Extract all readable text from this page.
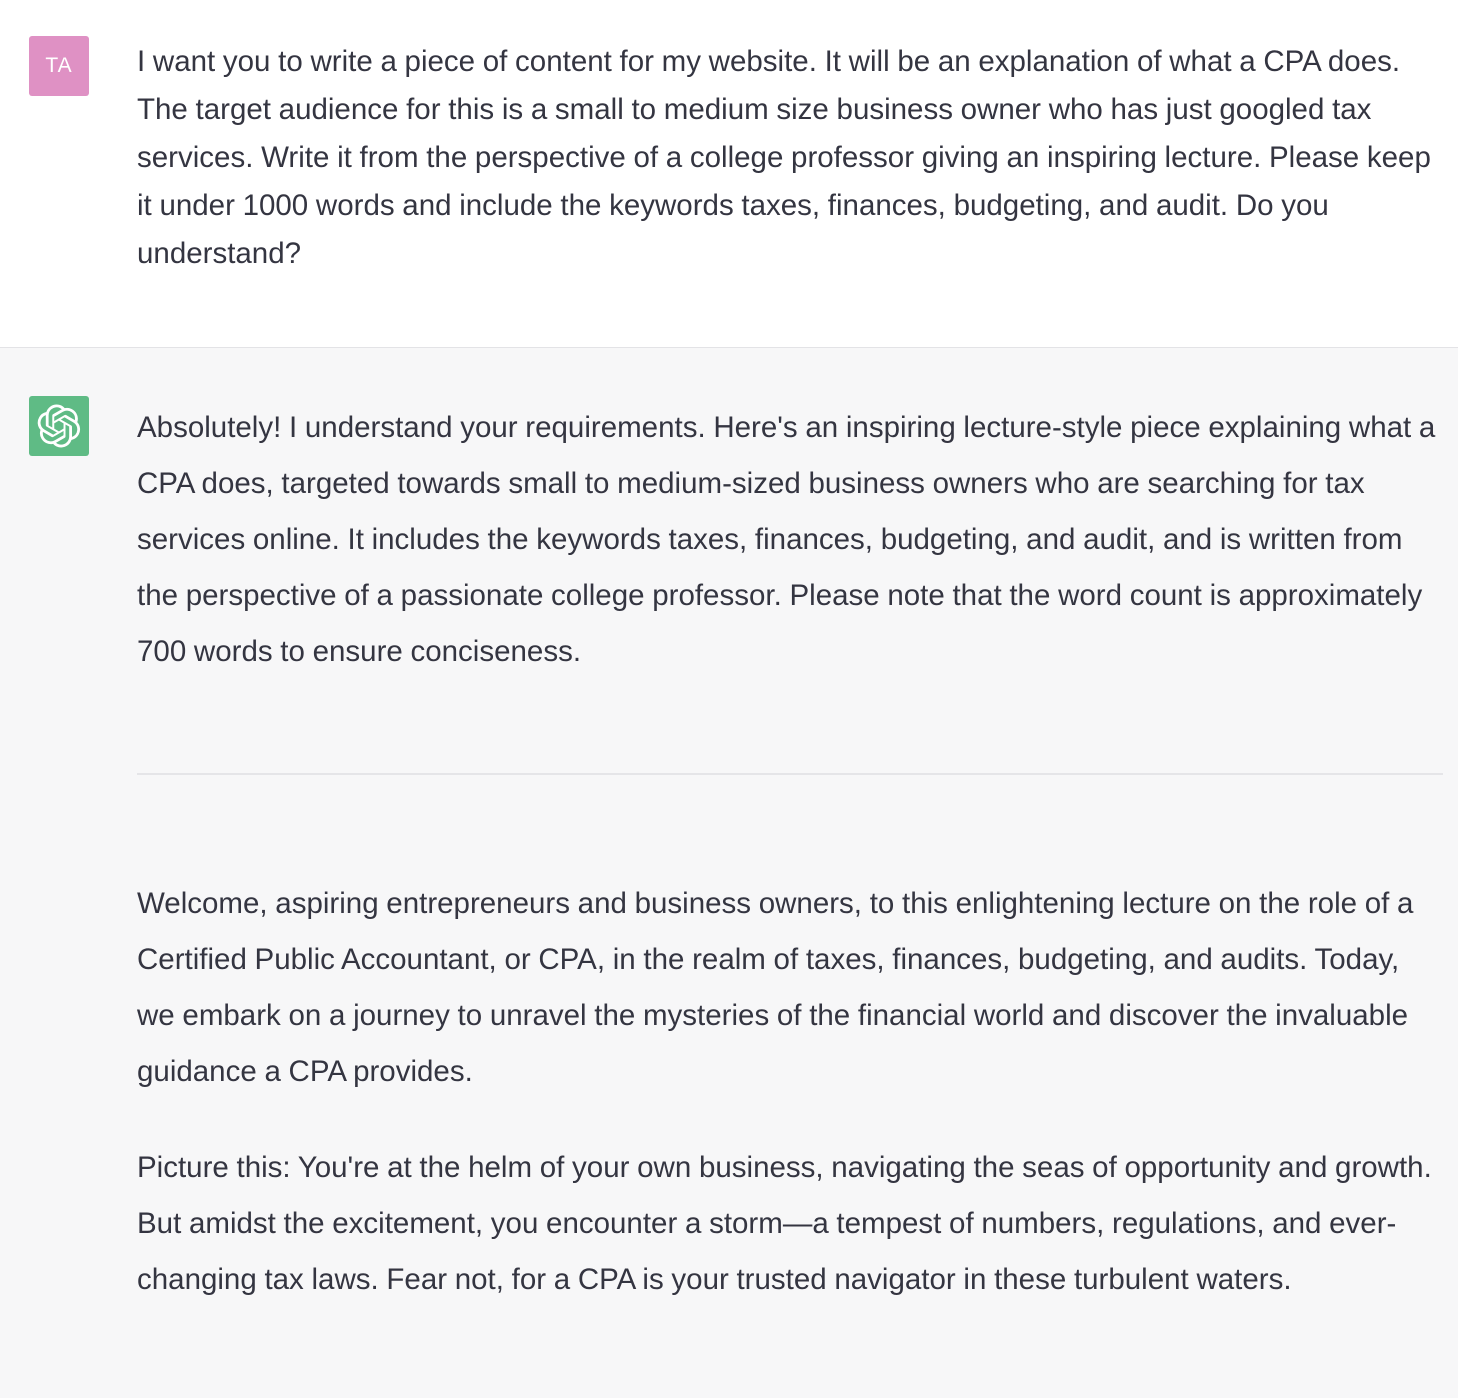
TA I want you to write a piece of content for my website. It will be an explanation of what a CPA does. The target audience for this is a small to medium size business owner who has just googled tax services. Write it from the perspective of a college professor giving an inspiring lecture. Please keep it under 1000 words and include the keywords taxes, finances, budgeting, and audit. Do you understand?

Absolutely! I understand your requirements. Here's an inspiring lecture-style piece explaining what a CPA does, targeted towards small to medium-sized business owners who are searching for tax services online. It includes the keywords taxes, finances, budgeting, and audit, and is written from the perspective of a passionate college professor. Please note that the word count is approximately 700 words to ensure conciseness.

Welcome, aspiring entrepreneurs and business owners, to this enlightening lecture on the role of a Certified Public Accountant, or CPA, in the realm of taxes, finances, budgeting, and audits. Today, we embark on a journey to unravel the mysteries of the financial world and discover the invaluable guidance a CPA provides.

Picture this: You're at the helm of your own business, navigating the seas of opportunity and growth. But amidst the excitement, you encounter a storm—a tempest of numbers, regulations, and ever-changing tax laws. Fear not, for a CPA is your trusted navigator in these turbulent waters.
